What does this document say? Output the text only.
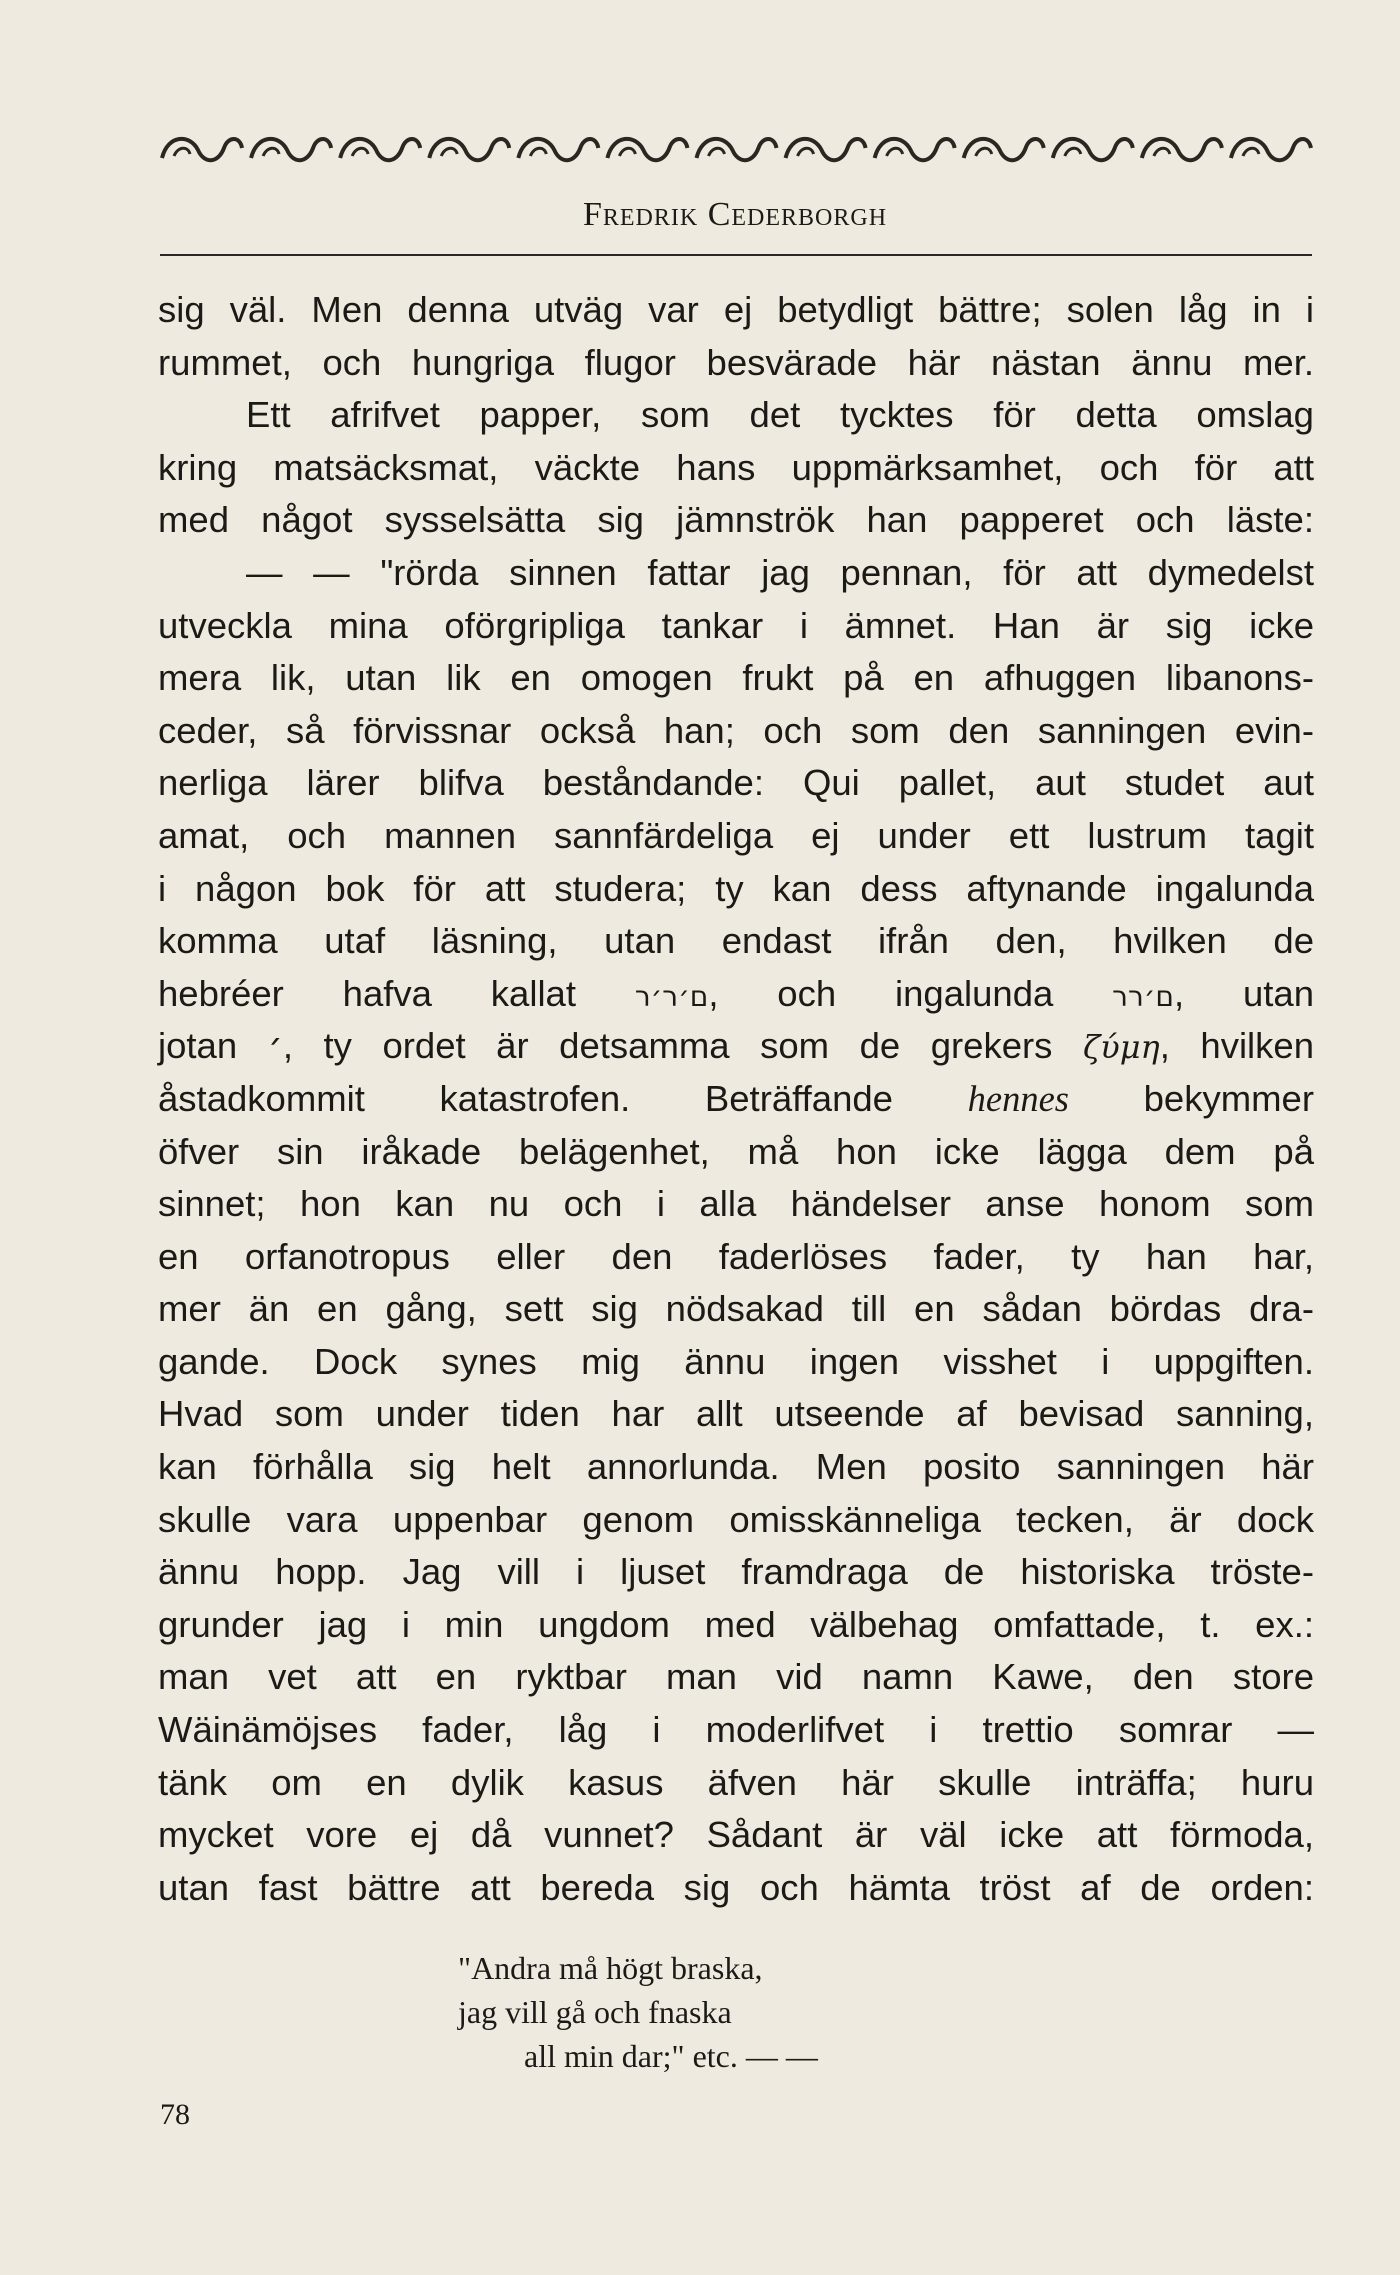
Fredrik Cederborgh
sig väl. Men denna utväg var ej betydligt bättre; solen låg in i
rummet, och hungriga flugor besvärade här nästan ännu mer.
Ett afrifvet papper, som det tycktes för detta omslag
kring matsäcksmat, väckte hans uppmärksamhet, och för att
med något sysselsätta sig jämnströk han papperet och läste:
— — "rörda sinnen fattar jag pennan, för att dymedelst
utveckla mina oförgripliga tankar i ämnet. Han är sig icke
mera lik, utan lik en omogen frukt på en afhuggen libanons-
ceder, så förvissnar också han; och som den sanningen evin-
nerliga lärer blifva beståndande: Qui pallet, aut studet aut
amat, och mannen sannfärdeliga ej under ett lustrum tagit
i någon bok för att studera; ty kan dess aftynande ingalunda
komma utaf läsning, utan endast ifrån den, hvilken de
hebréer hafva kallat ם׳ר׳ר, och ingalunda ם׳רר, utan
jotan ׳, ty ordet är detsamma som de grekers ζύμη, hvilken
åstadkommit katastrofen. Beträffande hennes bekymmer
öfver sin iråkade belägenhet, må hon icke lägga dem på
sinnet; hon kan nu och i alla händelser anse honom som
en orfanotropus eller den faderlöses fader, ty han har,
mer än en gång, sett sig nödsakad till en sådan bördas dra-
gande. Dock synes mig ännu ingen visshet i uppgiften.
Hvad som under tiden har allt utseende af bevisad sanning,
kan förhålla sig helt annorlunda. Men posito sanningen här
skulle vara uppenbar genom omisskänneliga tecken, är dock
ännu hopp. Jag vill i ljuset framdraga de historiska tröste-
grunder jag i min ungdom med välbehag omfattade, t. ex.:
man vet att en ryktbar man vid namn Kawe, den store
Wäinämöjses fader, låg i moderlifvet i trettio somrar —
tänk om en dylik kasus äfven här skulle inträffa; huru
mycket vore ej då vunnet? Sådant är väl icke att förmoda,
utan fast bättre att bereda sig och hämta tröst af de orden:
"Andra må högt braska,
jag vill gå och fnaska
all min dar;" etc. — —
78
